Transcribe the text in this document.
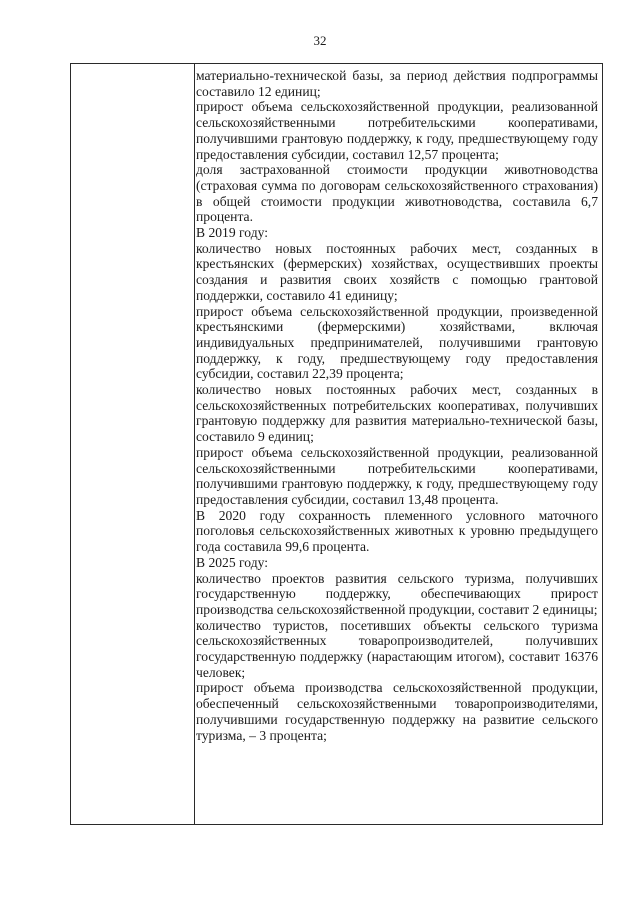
32

материально-технической базы, за период действия подпрограммы составило 12 единиц;

прирост объема сельскохозяйственной продукции, реализованной сельскохозяйственными потребительскими кооперативами, получившими грантовую поддержку, к году, предшествующему году предоставления субсидии, составил 12,57 процента;

доля застрахованной стоимости продукции животноводства (страховая сумма по договорам сельскохозяйственного страхования) в общей стоимости продукции животноводства, составила 6,7 процента.

В 2019 году:

количество новых постоянных рабочих мест, созданных в крестьянских (фермерских) хозяйствах, осуществивших проекты создания и развития своих хозяйств с помощью грантовой поддержки, составило 41 единицу;

прирост объема сельскохозяйственной продукции, произведенной крестьянскими (фермерскими) хозяйствами, включая индивидуальных предпринимателей, получившими грантовую поддержку, к году, предшествующему году предоставления субсидии, составил 22,39 процента;

количество новых постоянных рабочих мест, созданных в сельскохозяйственных потребительских кооперативах, получивших грантовую поддержку для развития материально-технической базы, составило 9 единиц;

прирост объема сельскохозяйственной продукции, реализованной сельскохозяйственными потребительскими кооперативами, получившими грантовую поддержку, к году, предшествующему году предоставления субсидии, составил 13,48 процента.

В 2020 году сохранность племенного условного маточного поголовья сельскохозяйственных животных к уровню предыдущего года составила 99,6 процента.

В 2025 году:

количество проектов развития сельского туризма, получивших государственную поддержку, обеспечивающих прирост производства сельскохозяйственной продукции, составит 2 единицы;

количество туристов, посетивших объекты сельского туризма сельскохозяйственных товаропроизводителей, получивших государственную поддержку (нарастающим итогом), составит 16376 человек;

прирост объема производства сельскохозяйственной продукции, обеспеченный сельскохозяйственными товаропроизводителями, получившими государственную поддержку на развитие сельского туризма, – 3 процента;
